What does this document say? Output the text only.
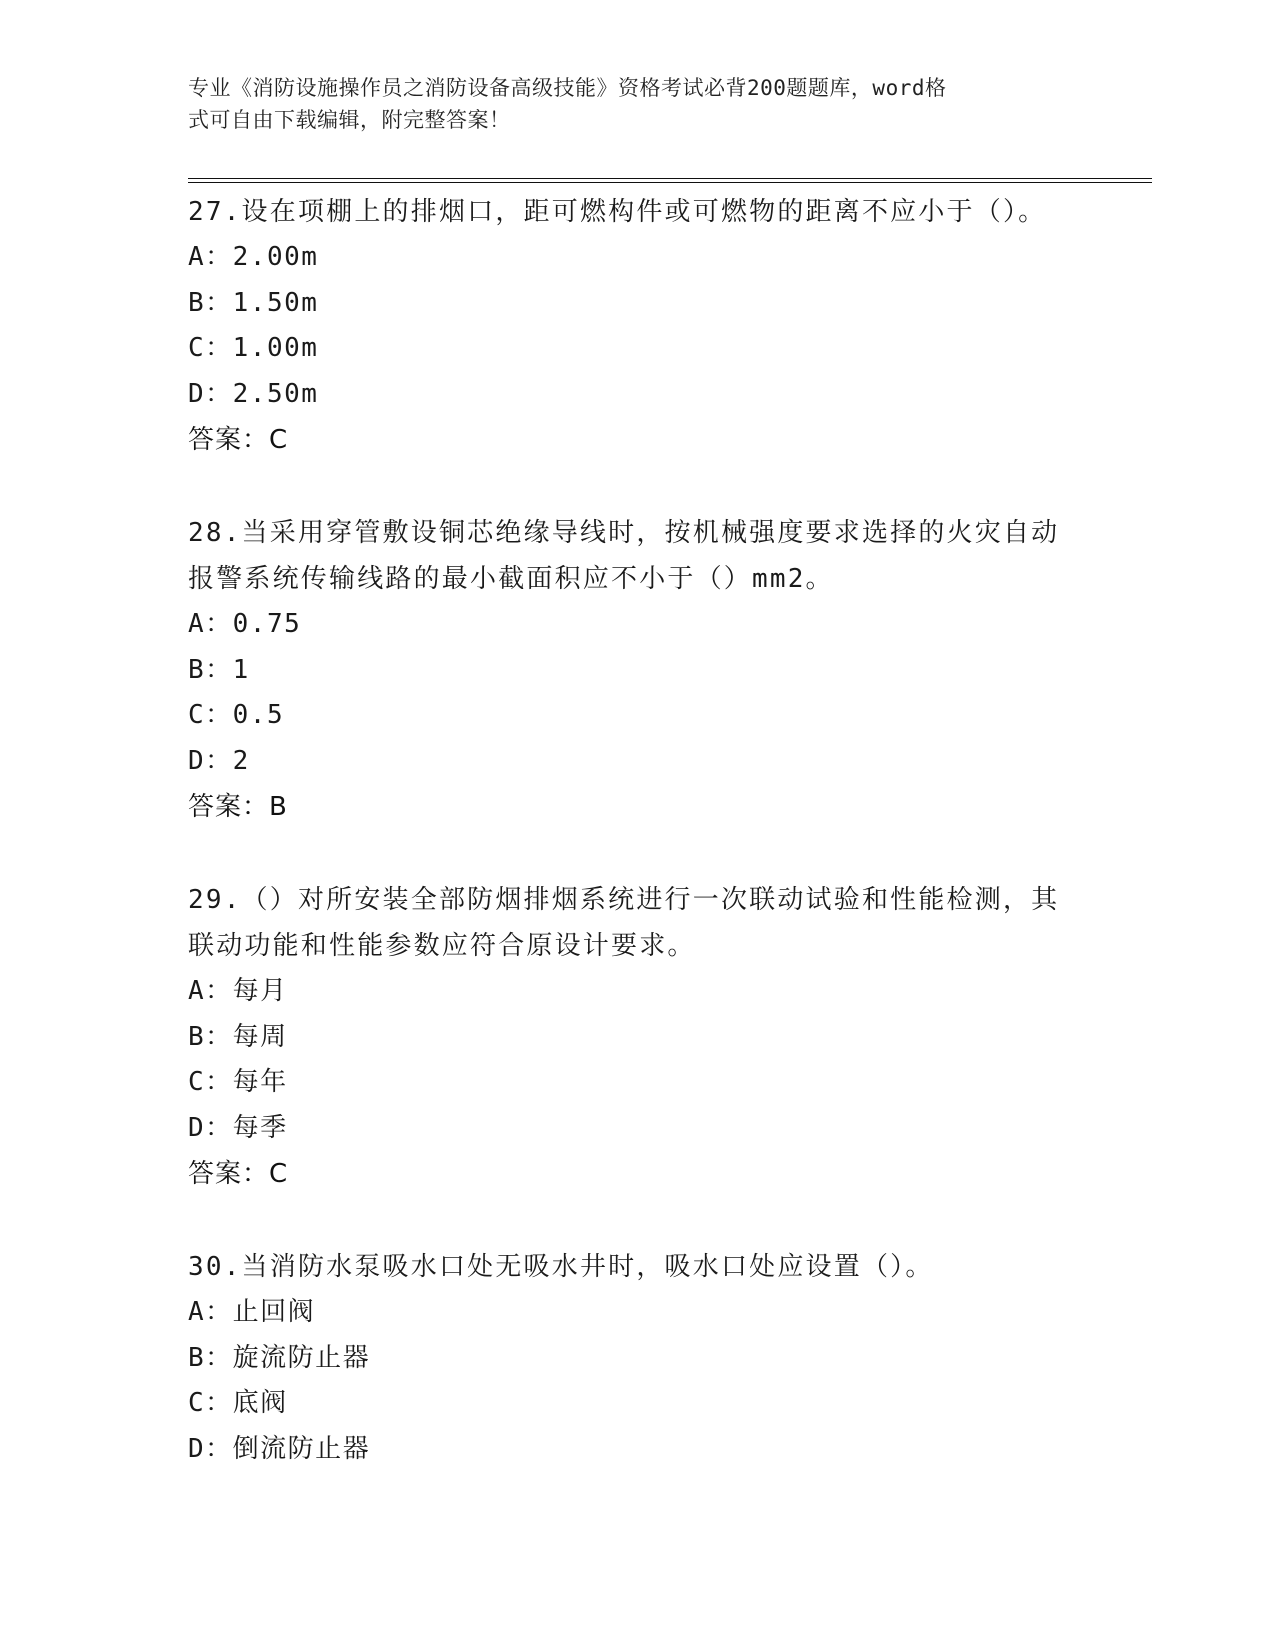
专业《消防设施操作员之消防设备高级技能》资格考试必背200题题库，word格
式可自由下载编辑，附完整答案！

27.设在项棚上的排烟口，距可燃构件或可燃物的距离不应小于（）。

A：2.00m

B：1.50m

C：1.00m

D：2.50m

答案：C

28.当采用穿管敷设铜芯绝缘导线时，按机械强度要求选择的火灾自动

报警系统传输线路的最小截面积应不小于（）mm2。

A：0.75

B：1

C：0.5

D：2

答案：B

29.（）对所安装全部防烟排烟系统进行一次联动试验和性能检测，其

联动功能和性能参数应符合原设计要求。

A：每月

B：每周

C：每年

D：每季

答案：C

30.当消防水泵吸水口处无吸水井时，吸水口处应设置（）。

A：止回阀

B：旋流防止器

C：底阀

D：倒流防止器
